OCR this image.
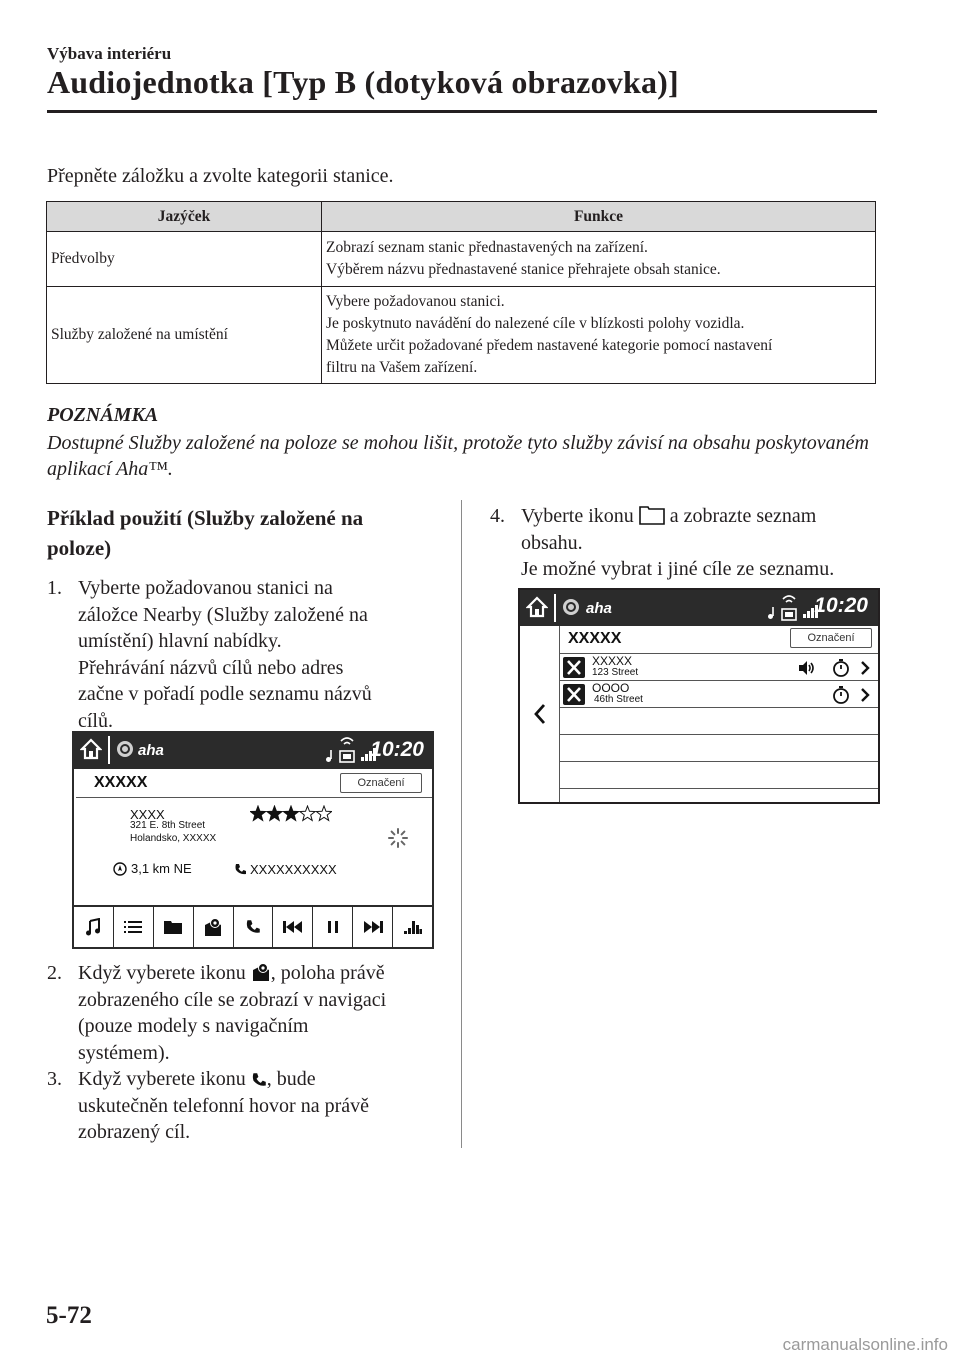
Výbava interiéru
Audiojednotka [Typ B (dotyková obrazovka)]
Přepněte záložku a zvolte kategorii stanice.
Jazýček	Funkce
Předvolby	Zobrazí seznam stanic přednastavených na zařízení.
Výběrem názvu přednastavené stanice přehrajete obsah stanice.

Služby založené na umístění	Vybere požadovanou stanici.
Je poskytnuto navádění do nalezené cíle v blízkosti polohy vozidla.
Můžete určit požadované předem nastavené kategorie pomocí nastavení
filtru na Vašem zařízení.
POZNÁMKA
Dostupné Služby založené na poloze se mohou lišit, protože tyto služby závisí na obsahu poskytovaném aplikací Aha™.
Příklad použití (Služby založené na
poloze)
1. Vyberte požadovanou stanici na
záložce Nearby (Služby založené na
umístění) hlavní nabídky.
Přehrávání názvů cílů nebo adres
začne v pořadí podle seznamu názvů
cílů.
aha	10:20
XXXXX	Označení
XXXX
321 E. 8th Street
Holandsko, XXXXX
3,1 km NE	XXXXXXXXXX
2. Když vyberete ikonu , poloha právě
zobrazeného cíle se zobrazí v navigaci
(pouze modely s navigačním
systémem).
3. Když vyberete ikonu , bude
uskutečněn telefonní hovor na právě
zobrazený cíl.
4. Vyberte ikonu a zobrazte seznam
obsahu.
Je možné vybrat i jiné cíle ze seznamu.
aha	10:20
XXXXX	Označení
XXXXX
123 Street
OOOO
46th Street
5-72
carmanualsonline.info
